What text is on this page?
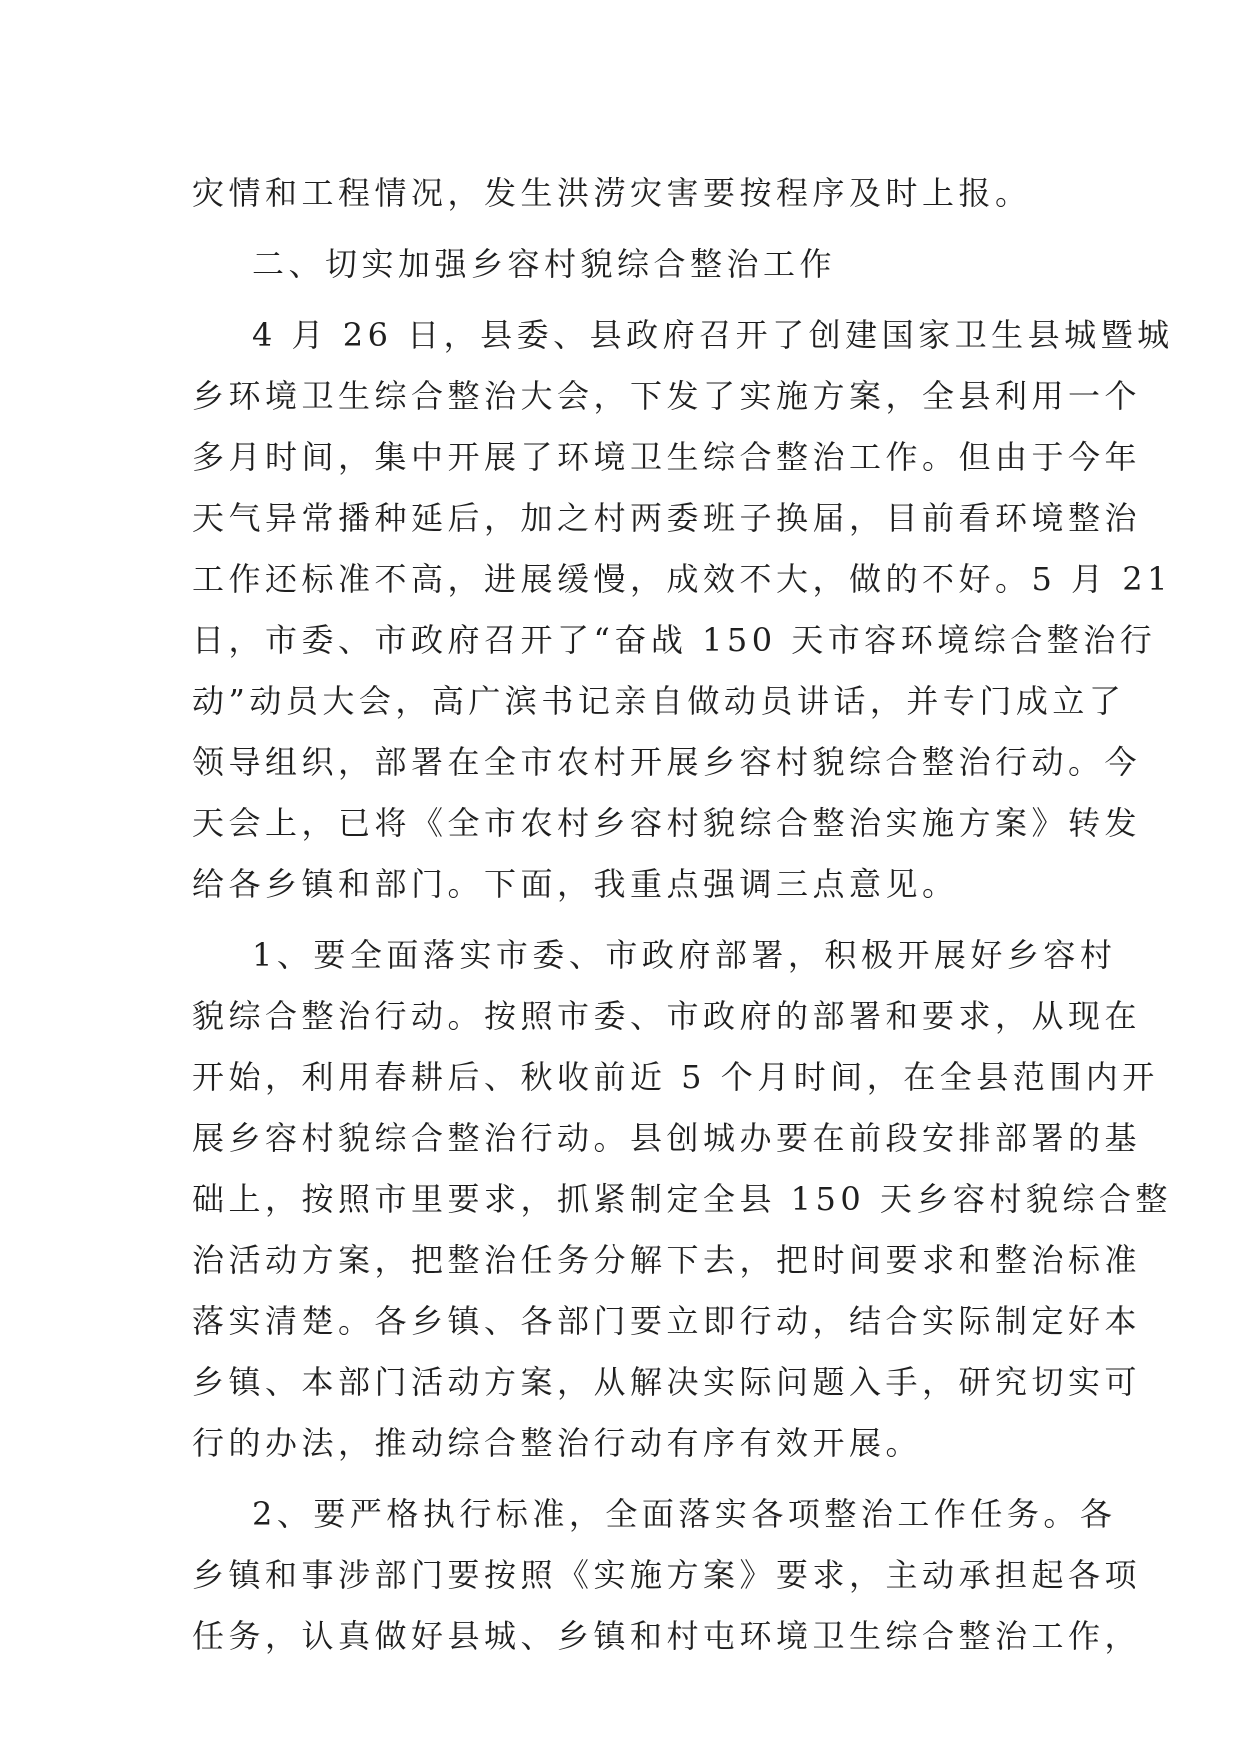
灾情和工程情况，发生洪涝灾害要按程序及时上报。
二、切实加强乡容村貌综合整治工作
4 月 26 日，县委、县政府召开了创建国家卫生县城暨城
乡环境卫生综合整治大会，下发了实施方案，全县利用一个
多月时间，集中开展了环境卫生综合整治工作。但由于今年
天气异常播种延后，加之村两委班子换届，目前看环境整治
工作还标准不高，进展缓慢，成效不大，做的不好。5 月 21
日，市委、市政府召开了“奋战 150 天市容环境综合整治行
动”动员大会，高广滨书记亲自做动员讲话，并专门成立了
领导组织，部署在全市农村开展乡容村貌综合整治行动。今
天会上，已将《全市农村乡容村貌综合整治实施方案》转发
给各乡镇和部门。下面，我重点强调三点意见。
1、要全面落实市委、市政府部署，积极开展好乡容村
貌综合整治行动。按照市委、市政府的部署和要求，从现在
开始，利用春耕后、秋收前近 5 个月时间，在全县范围内开
展乡容村貌综合整治行动。县创城办要在前段安排部署的基
础上，按照市里要求，抓紧制定全县 150 天乡容村貌综合整
治活动方案，把整治任务分解下去，把时间要求和整治标准
落实清楚。各乡镇、各部门要立即行动，结合实际制定好本
乡镇、本部门活动方案，从解决实际问题入手，研究切实可
行的办法，推动综合整治行动有序有效开展。
2、要严格执行标准，全面落实各项整治工作任务。各
乡镇和事涉部门要按照《实施方案》要求，主动承担起各项
任务，认真做好县城、乡镇和村屯环境卫生综合整治工作，
